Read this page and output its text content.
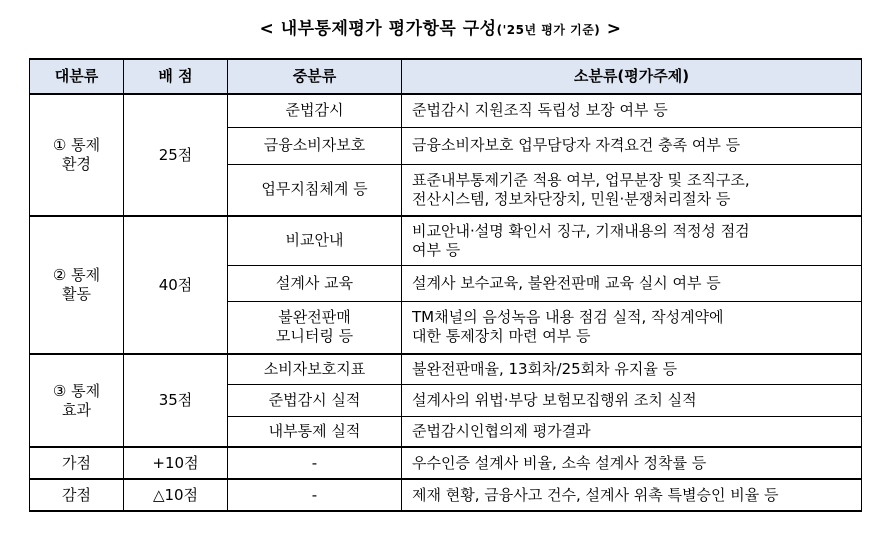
< 내부통제평가 평가항목 구성('25년 평가 기준) >
대분류	배 점	중분류	소분류(평가주제)
① 통제
환경	25점	준법감시	준법감시 지원조직 독립성 보장 여부 등
		금융소비자보호	금융소비자보호 업무담당자 자격요건 충족 여부 등
		업무지침체계 등	표준내부통제기준 적용 여부, 업무분장 및 조직구조,
전산시스템, 정보차단장치, 민원·분쟁처리절차 등
② 통제
활동	40점	비교안내	비교안내·설명 확인서 징구, 기재내용의 적정성 점검
여부 등
		설계사 교육	설계사 보수교육, 불완전판매 교육 실시 여부 등
		불완전판매
모니터링 등	TM채널의 음성녹음 내용 점검 실적, 작성계약에
대한 통제장치 마련 여부 등
③ 통제
효과	35점	소비자보호지표	불완전판매율, 13회차/25회차 유지율 등
		준법감시 실적	설계사의 위법·부당 보험모집행위 조치 실적
		내부통제 실적	준법감시인협의제 평가결과
가점	+10점	-	우수인증 설계사 비율, 소속 설계사 정착률 등
감점	△10점	-	제재 현황, 금융사고 건수, 설계사 위촉 특별승인 비율 등
